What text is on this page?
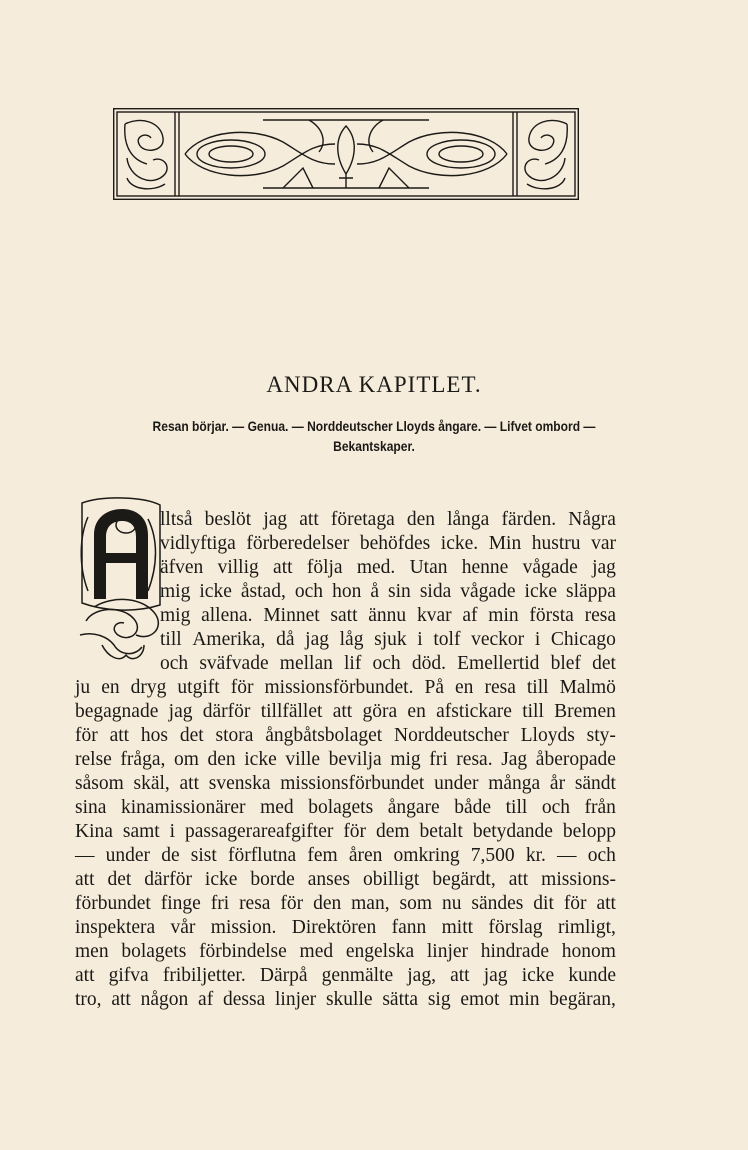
ANDRA KAPITLET.
Resan börjar. — Genua. — Norddeutscher Lloyds ångare. — Lifvet ombord —
Bekantskaper.
lltså beslöt jag att företaga den långa färden. Några
vidlyftiga förberedelser behöfdes icke. Min hustru var
äfven villig att följa med. Utan henne vågade jag
mig icke åstad, och hon å sin sida vågade icke släppa
mig allena. Minnet satt ännu kvar af min första resa
till Amerika, då jag låg sjuk i tolf veckor i Chicago
och sväfvade mellan lif och död. Emellertid blef det
ju en dryg utgift för missionsförbundet. På en resa till Malmö
begagnade jag därför tillfället att göra en afstickare till Bremen
för att hos det stora ångbåtsbolaget Norddeutscher Lloyds sty-
relse fråga, om den icke ville bevilja mig fri resa. Jag åberopade
såsom skäl, att svenska missionsförbundet under många år sändt
sina kinamissionärer med bolagets ångare både till och från
Kina samt i passagerareafgifter för dem betalt betydande belopp
— under de sist förflutna fem åren omkring 7,500 kr. — och
att det därför icke borde anses obilligt begärdt, att missions-
förbundet finge fri resa för den man, som nu sändes dit för att
inspektera vår mission. Direktören fann mitt förslag rimligt,
men bolagets förbindelse med engelska linjer hindrade honom
att gifva fribiljetter. Därpå genmälte jag, att jag icke kunde
tro, att någon af dessa linjer skulle sätta sig emot min begäran,
